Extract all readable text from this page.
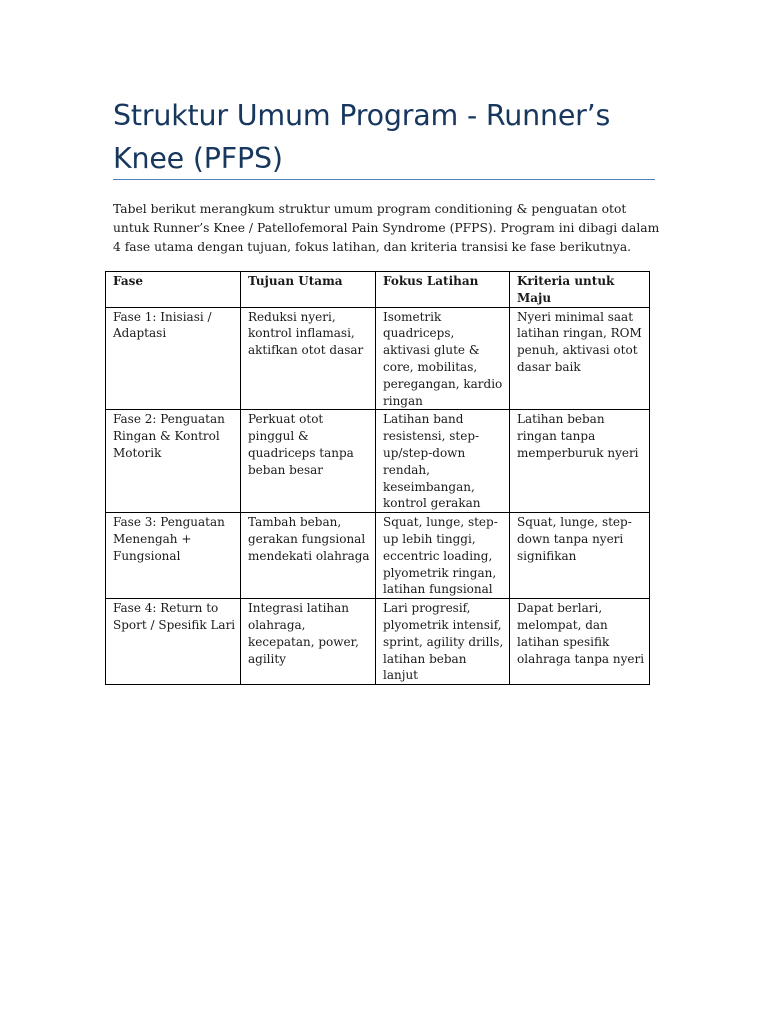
Struktur Umum Program - Runner’s Knee (PFPS)

Tabel berikut merangkum struktur umum program conditioning & penguatan otot untuk Runner’s Knee / Patellofemoral Pain Syndrome (PFPS). Program ini dibagi dalam 4 fase utama dengan tujuan, fokus latihan, dan kriteria transisi ke fase berikutnya.

Fase	Tujuan Utama	Fokus Latihan	Kriteria untuk Maju
Fase 1: Inisiasi / Adaptasi	Reduksi nyeri, kontrol inflamasi, aktifkan otot dasar	Isometrik quadriceps, aktivasi glute & core, mobilitas, peregangan, kardio ringan	Nyeri minimal saat latihan ringan, ROM penuh, aktivasi otot dasar baik
Fase 2: Penguatan Ringan & Kontrol Motorik	Perkuat otot pinggul & quadriceps tanpa beban besar	Latihan band resistensi, step-up/step-down rendah, keseimbangan, kontrol gerakan	Latihan beban ringan tanpa memperburuk nyeri
Fase 3: Penguatan Menengah + Fungsional	Tambah beban, gerakan fungsional mendekati olahraga	Squat, lunge, step-up lebih tinggi, eccentric loading, plyometrik ringan, latihan fungsional	Squat, lunge, step-down tanpa nyeri signifikan
Fase 4: Return to Sport / Spesifik Lari	Integrasi latihan olahraga, kecepatan, power, agility	Lari progresif, plyometrik intensif, sprint, agility drills, latihan beban lanjut	Dapat berlari, melompat, dan latihan spesifik olahraga tanpa nyeri
